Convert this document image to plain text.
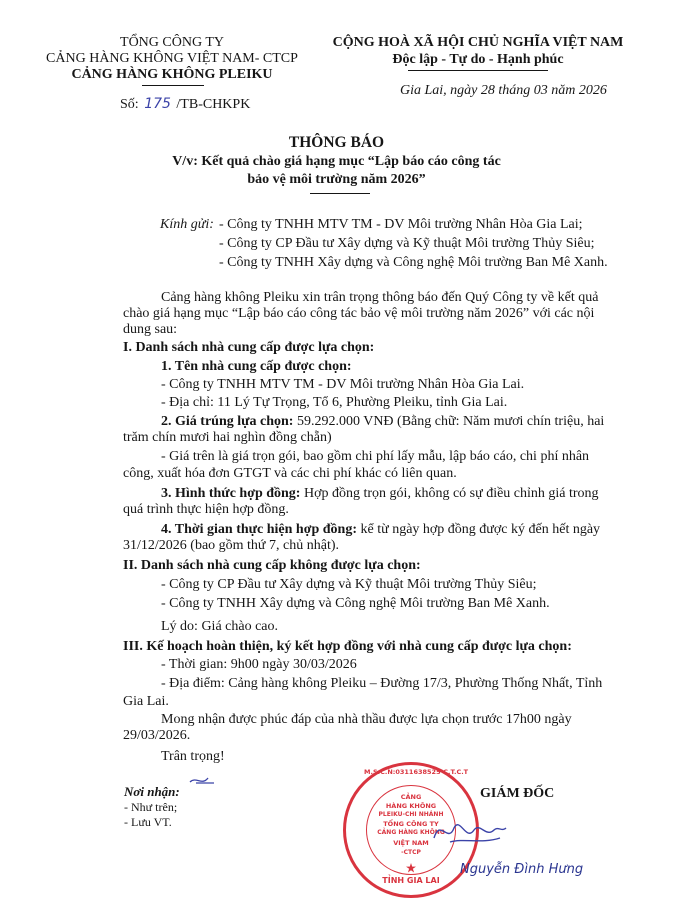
TỔNG CÔNG TY
CẢNG HÀNG KHÔNG VIỆT NAM- CTCP
CẢNG HÀNG KHÔNG PLEIKU
Số: 175 /TB-CHKPK
CỘNG HOÀ XÃ HỘI CHỦ NGHĨA VIỆT NAM
Độc lập - Tự do - Hạnh phúc
Gia Lai, ngày 28 tháng 03 năm 2026
THÔNG BÁO
V/v: Kết quả chào giá hạng mục “Lập báo cáo công tác
bảo vệ môi trường năm 2026”
Kính gửi: - Công ty TNHH MTV TM - DV Môi trường Nhân Hòa Gia Lai;
- Công ty CP Đầu tư Xây dựng và Kỹ thuật Môi trường Thủy Siêu;
- Công ty TNHH Xây dựng và Công nghệ Môi trường Ban Mê Xanh.
Cảng hàng không Pleiku xin trân trọng thông báo đến Quý Công ty về kết quả
chào giá hạng mục “Lập báo cáo công tác bảo vệ môi trường năm 2026” với các nội
dung sau:
I. Danh sách nhà cung cấp được lựa chọn:
1. Tên nhà cung cấp được chọn:
- Công ty TNHH MTV TM - DV Môi trường Nhân Hòa Gia Lai.
- Địa chỉ: 11 Lý Tự Trọng, Tổ 6, Phường Pleiku, tỉnh Gia Lai.
2. Giá trúng lựa chọn: 59.292.000 VNĐ (Bằng chữ: Năm mươi chín triệu, hai
trăm chín mươi hai nghìn đồng chẵn)
- Giá trên là giá trọn gói, bao gồm chi phí lấy mẫu, lập báo cáo, chi phí nhân
công, xuất hóa đơn GTGT và các chi phí khác có liên quan.
3. Hình thức hợp đồng: Hợp đồng trọn gói, không có sự điều chỉnh giá trong
quá trình thực hiện hợp đồng.
4. Thời gian thực hiện hợp đồng: kể từ ngày hợp đồng được ký đến hết ngày
31/12/2026 (bao gồm thứ 7, chủ nhật).
II. Danh sách nhà cung cấp không được lựa chọn:
- Công ty CP Đầu tư Xây dựng và Kỹ thuật Môi trường Thủy Siêu;
- Công ty TNHH Xây dựng và Công nghệ Môi trường Ban Mê Xanh.
Lý do: Giá chào cao.
III. Kế hoạch hoàn thiện, ký kết hợp đồng với nhà cung cấp được lựa chọn:
- Thời gian: 9h00 ngày 30/03/2026
- Địa điểm: Cảng hàng không Pleiku – Đường 17/3, Phường Thống Nhất, Tỉnh
Gia Lai.
Mong nhận được phúc đáp của nhà thầu được lựa chọn trước 17h00 ngày
29/03/2026.
Trân trọng!
Nơi nhận:
- Như trên;
- Lưu VT.
M.S.C.N:0311638525-C.T.C.T
CẢNG
HÀNG KHÔNG
PLEIKU-CHI NHÁNH
TỔNG CÔNG TY
CẢNG HÀNG KHÔNG
VIỆT NAM
-CTCP
TỈNH GIA LAI
GIÁM ĐỐC
Nguyễn Đình Hưng
